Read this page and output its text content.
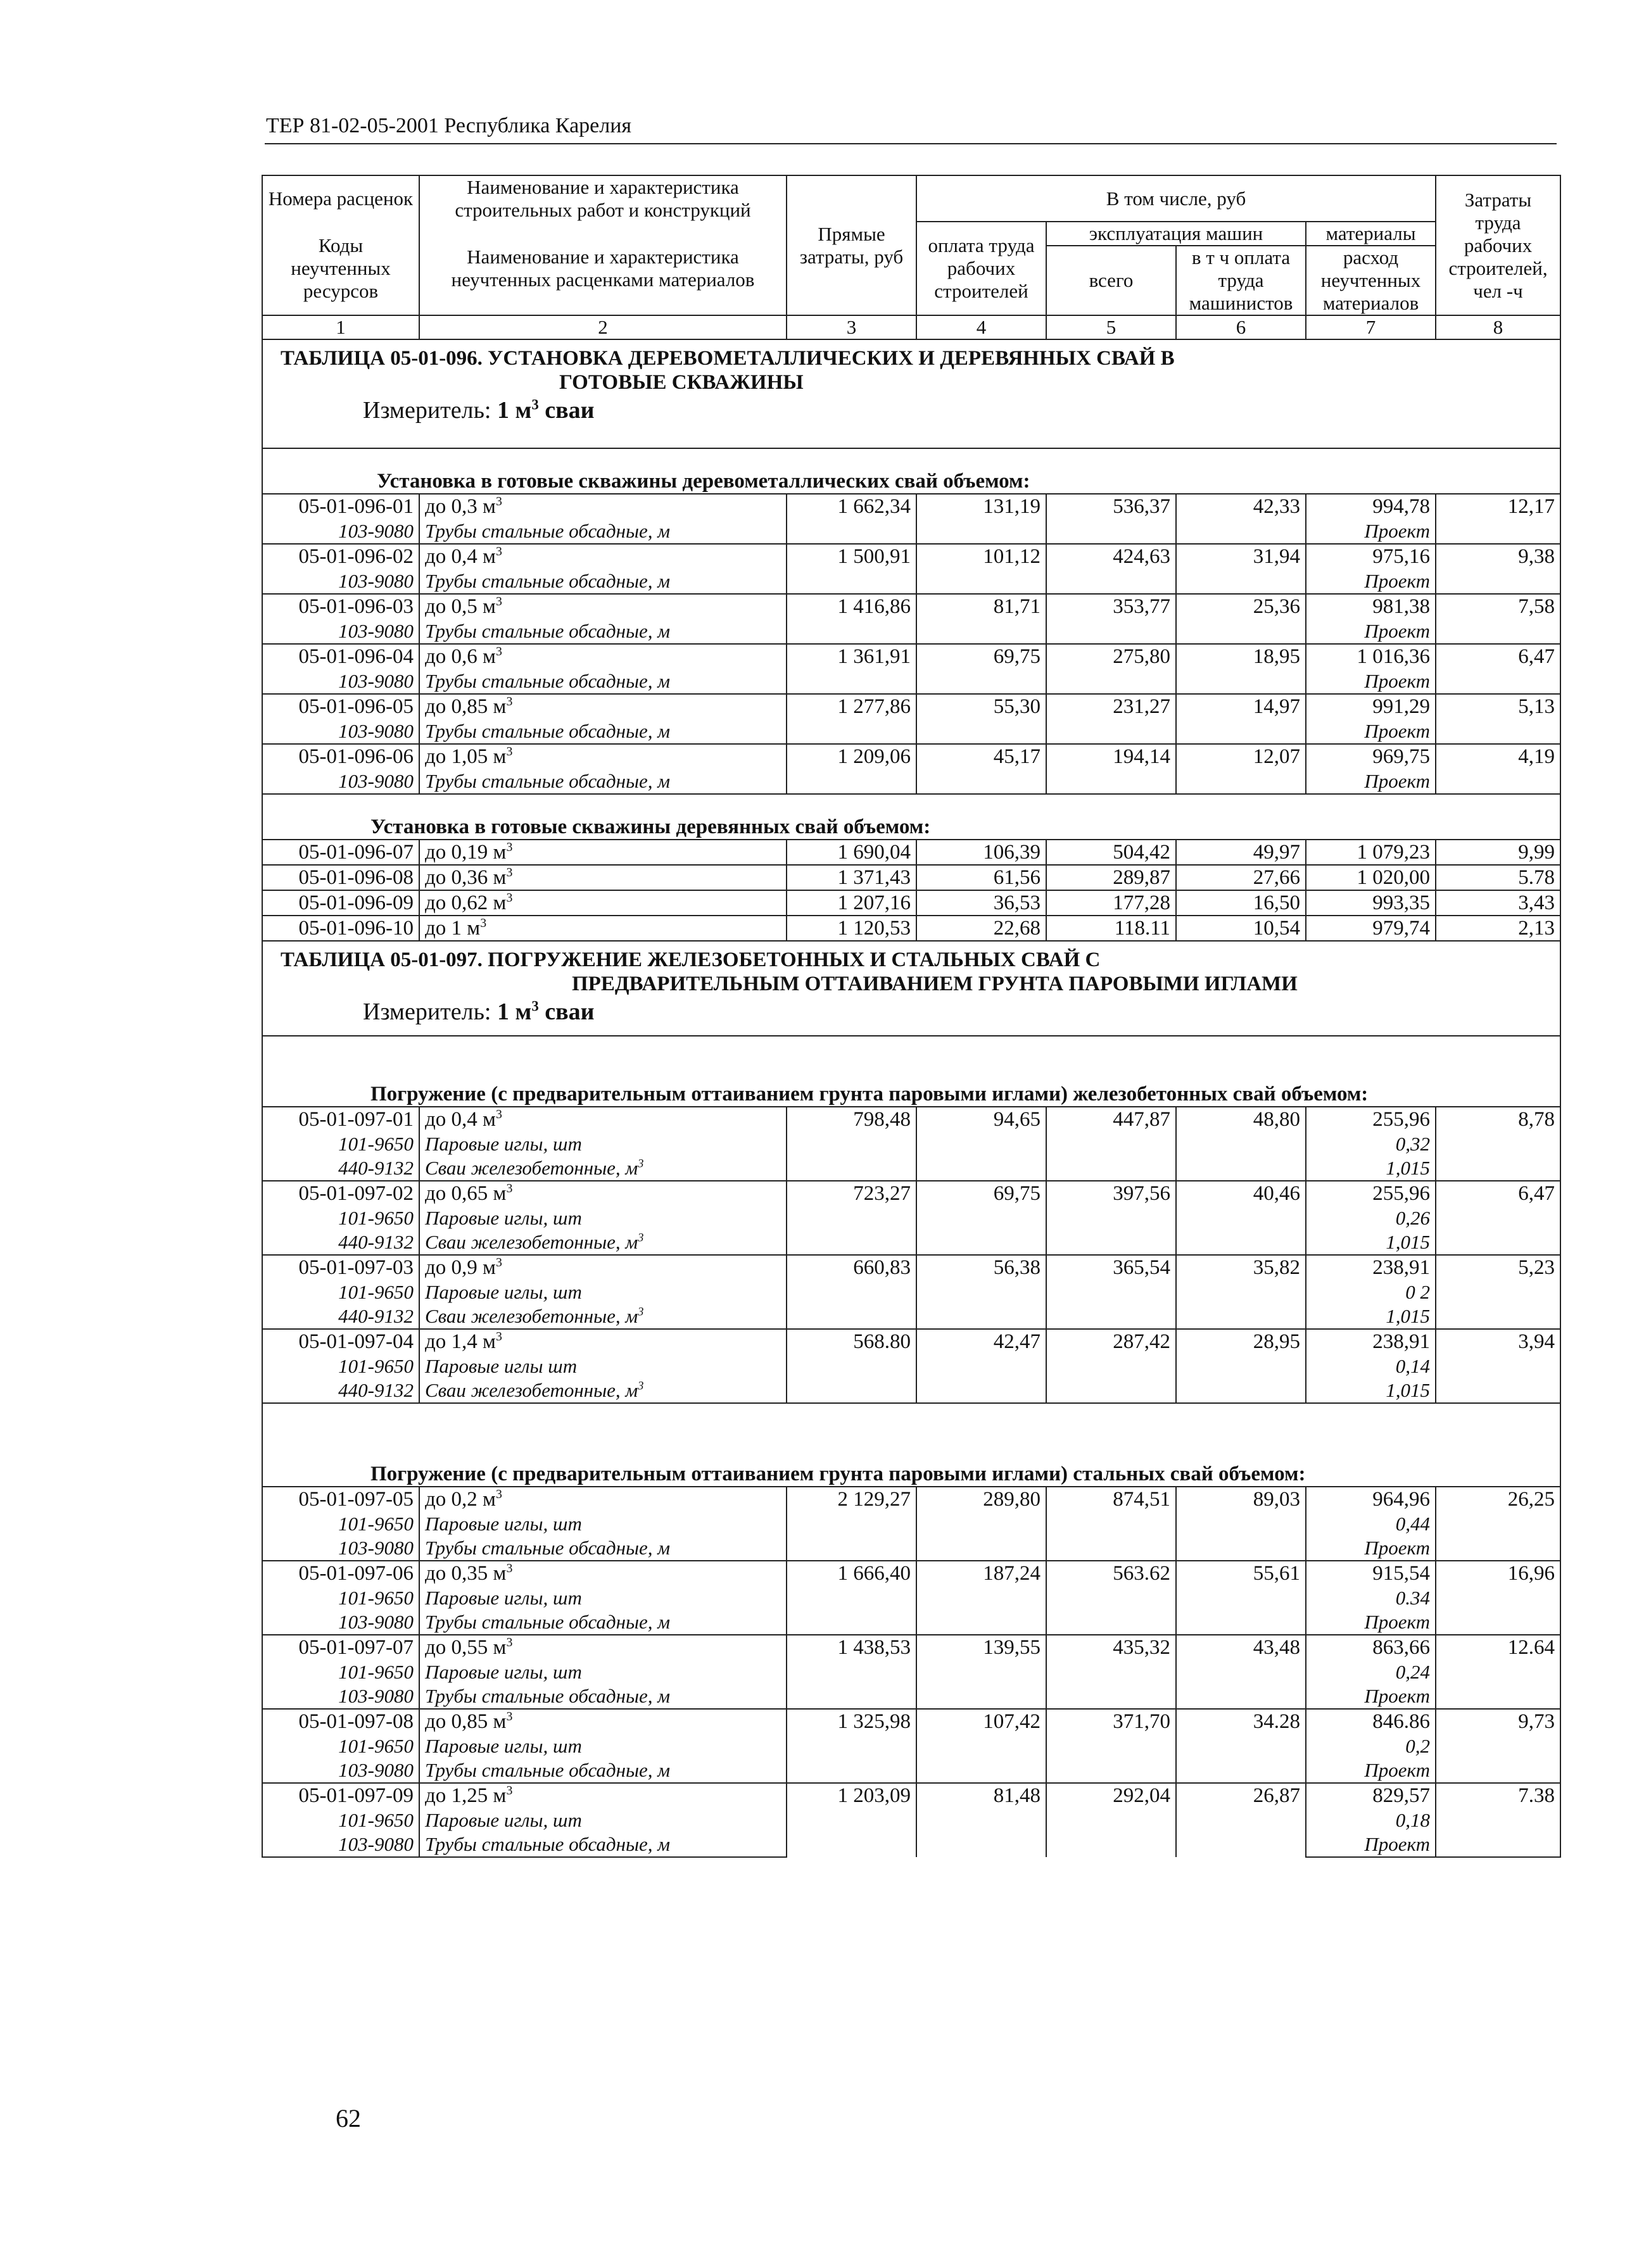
ТЕР 81-02-05-2001 Республика Карелия
Номера расценок	Наименование и характеристика строительных работ и конструкций	Прямые затраты, руб	В том числе, руб				Затраты труда рабочих строителей, чел -ч
Коды неучтенных ресурсов	Наименование и характеристика неучтенных расценками материалов		оплата труда рабочих строителей	эксплуатация машин		материалы	
				всего	в т ч оплата труда машинистов	расход неучтенных материалов	
1	2	3	4	5	6	7	8

ТАБЛИЦА 05-01-096. УСТАНОВКА ДЕРЕВОМЕТАЛЛИЧЕСКИХ И ДЕРЕВЯННЫХ СВАЙ В
ГОТОВЫЕ СКВАЖИНЫ
Измеритель: 1 $м^3$ сваи							

Установка в готовые скважины деревометаллических свай объемом:							
05-01-096-01	до 0,3 $м^3$	1 662,34	131,19	536,37	42,33	994,78	12,17
103-9080	Трубы стальные обсадные, м					Проект	
05-01-096-02	до 0,4 $м^3$	1 500,91	101,12	424,63	31,94	975,16	9,38
103-9080	Трубы стальные обсадные, м					Проект	
05-01-096-03	до 0,5 $м^3$	1 416,86	81,71	353,77	25,36	981,38	7,58
103-9080	Трубы стальные обсадные, м					Проект	
05-01-096-04	до 0,6 $м^3$	1 361,91	69,75	275,80	18,95	1 016,36	6,47
103-9080	Трубы стальные обсадные, м					Проект	
05-01-096-05	до 0,85 $м^3$	1 277,86	55,30	231,27	14,97	991,29	5,13
103-9080	Трубы стальные обсадные, м					Проект	
05-01-096-06	до 1,05 $м^3$	1 209,06	45,17	194,14	12,07	969,75	4,19
103-9080	Трубы стальные обсадные, м					Проект	
Установка в готовые скважины деревянных свай объемом:							
05-01-096-07	до 0,19 $м^3$	1 690,04	106,39	504,42	49,97	1 079,23	9,99
05-01-096-08	до 0,36 $м^3$	1 371,43	61,56	289,87	27,66	1 020,00	5.78
05-01-096-09	до 0,62 $м^3$	1 207,16	36,53	177,28	16,50	993,35	3,43
05-01-096-10	до 1 $м^3$	1 120,53	22,68	118.11	10,54	979,74	2,13

ТАБЛИЦА 05-01-097. ПОГРУЖЕНИЕ ЖЕЛЕЗОБЕТОННЫХ И СТАЛЬНЫХ СВАЙ С
ПРЕДВАРИТЕЛЬНЫМ ОТТАИВАНИЕМ ГРУНТА ПАРОВЫМИ ИГЛАМИ
Измеритель: 1 $м^3$ сваи							

Погружение (с предварительным оттаиванием грунта паровыми иглами) железобетонных свай объемом:							
05-01-097-01	до 0,4 $м^3$	798,48	94,65	447,87	48,80	255,96	8,78
101-9650	Паровые иглы, шт					0,32	
440-9132	Сваи железобетонные, $м^3$					1,015	
05-01-097-02	до 0,65 $м^3$	723,27	69,75	397,56	40,46	255,96	6,47
101-9650	Паровые иглы, шт					0,26	
440-9132	Сваи железобетонные, $м^3$					1,015	
05-01-097-03	до 0,9 $м^3$	660,83	56,38	365,54	35,82	238,91	5,23
101-9650	Паровые иглы, шт					0 2	
440-9132	Сваи железобетонные, $м^3$					1,015	
05-01-097-04	до 1,4 $м^3$	568.80	42,47	287,42	28,95	238,91	3,94
101-9650	Паровые иглы шт					0,14	
440-9132	Сваи железобетонные, $м^3$					1,015	
Погружение (с предварительным оттаиванием грунта паровыми иглами) стальных свай объемом:							
05-01-097-05	до 0,2 $м^3$	2 129,27	289,80	874,51	89,03	964,96	26,25
101-9650	Паровые иглы, шт					0,44	
103-9080	Трубы стальные обсадные, м					Проект	
05-01-097-06	до 0,35 $м^3$	1 666,40	187,24	563.62	55,61	915,54	16,96
101-9650	Паровые иглы, шт					0.34	
103-9080	Трубы стальные обсадные, м					Проект	
05-01-097-07	до 0,55 $м^3$	1 438,53	139,55	435,32	43,48	863,66	12.64
101-9650	Паровые иглы, шт					0,24	
103-9080	Трубы стальные обсадные, м					Проект	
05-01-097-08	до 0,85 $м^3$	1 325,98	107,42	371,70	34.28	846.86	9,73
101-9650	Паровые иглы, шт					0,2	
103-9080	Трубы стальные обсадные, м					Проект	
05-01-097-09	до 1,25 $м^3$	1 203,09	81,48	292,04	26,87	829,57	7.38
101-9650	Паровые иглы, шт					0,18	
103-9080	Трубы стальные обсадные, м					Проект	
62
